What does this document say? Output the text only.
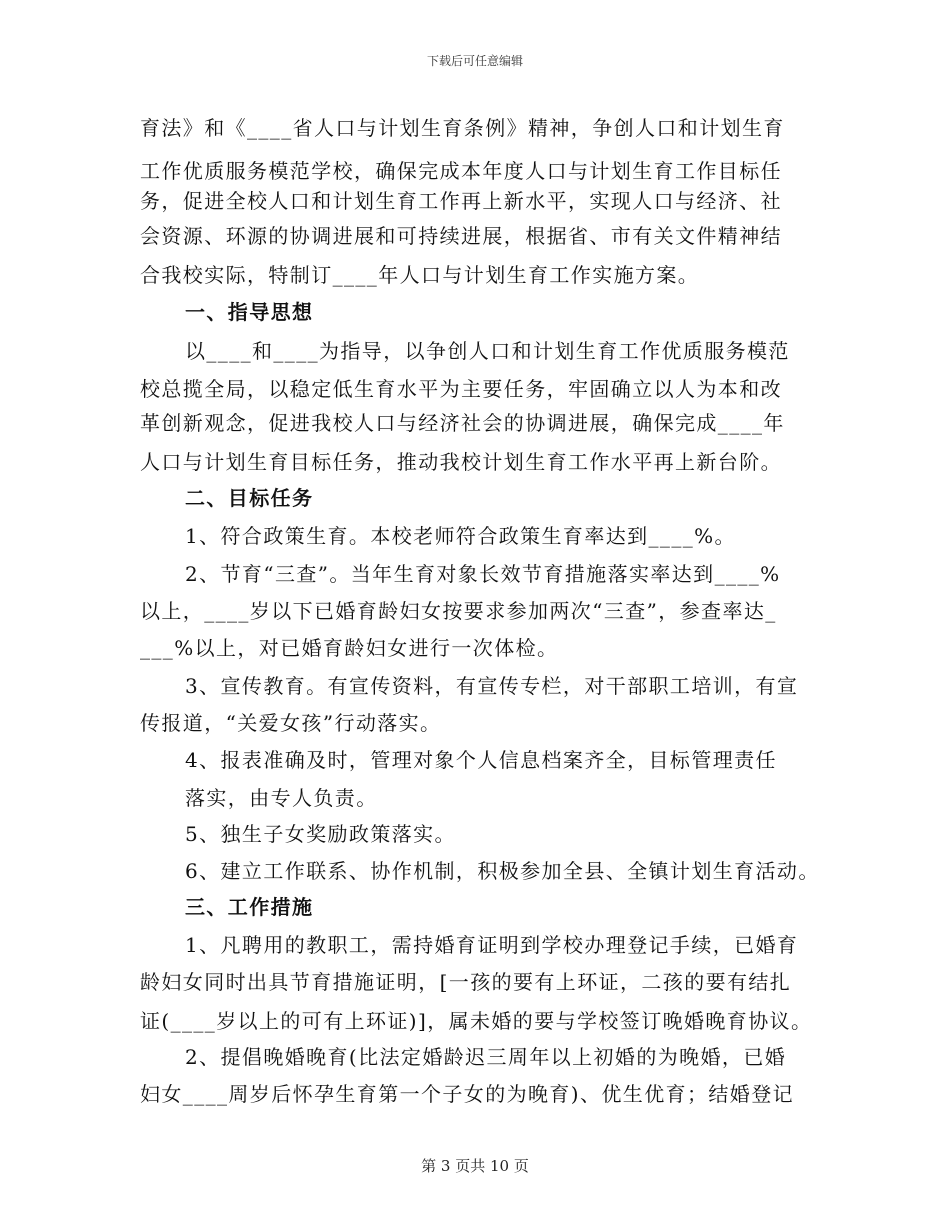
下载后可任意编辑
育法》和《____省人口与计划生育条例》精神，争创人口和计划生育
工作优质服务模范学校，确保完成本年度人口与计划生育工作目标任
务，促进全校人口和计划生育工作再上新水平，实现人口与经济、社
会资源、环源的协调进展和可持续进展，根据省、市有关文件精神结
合我校实际，特制订____年人口与计划生育工作实施方案。
一、指导思想
以____和____为指导，以争创人口和计划生育工作优质服务模范
校总揽全局，以稳定低生育水平为主要任务，牢固确立以人为本和改
革创新观念，促进我校人口与经济社会的协调进展，确保完成____年
人口与计划生育目标任务，推动我校计划生育工作水平再上新台阶。
二、目标任务
1、符合政策生育。本校老师符合政策生育率达到____%。
2、节育“三查”。当年生育对象长效节育措施落实率达到____%
以上，____岁以下已婚育龄妇女按要求参加两次“三查”，参查率达_
___%以上，对已婚育龄妇女进行一次体检。
3、宣传教育。有宣传资料，有宣传专栏，对干部职工培训，有宣
传报道，“关爱女孩”行动落实。
4、报表准确及时，管理对象个人信息档案齐全，目标管理责任
落实，由专人负责。
5、独生子女奖励政策落实。
6、建立工作联系、协作机制，积极参加全县、全镇计划生育活动。
三、工作措施
1、凡聘用的教职工，需持婚育证明到学校办理登记手续，已婚育
龄妇女同时出具节育措施证明，[一孩的要有上环证，二孩的要有结扎
证(____岁以上的可有上环证)]，属未婚的要与学校签订晚婚晚育协议。
2、提倡晚婚晚育(比法定婚龄迟三周年以上初婚的为晚婚，已婚
妇女____周岁后怀孕生育第一个子女的为晚育)、优生优育；结婚登记
第 3 页共 10 页
